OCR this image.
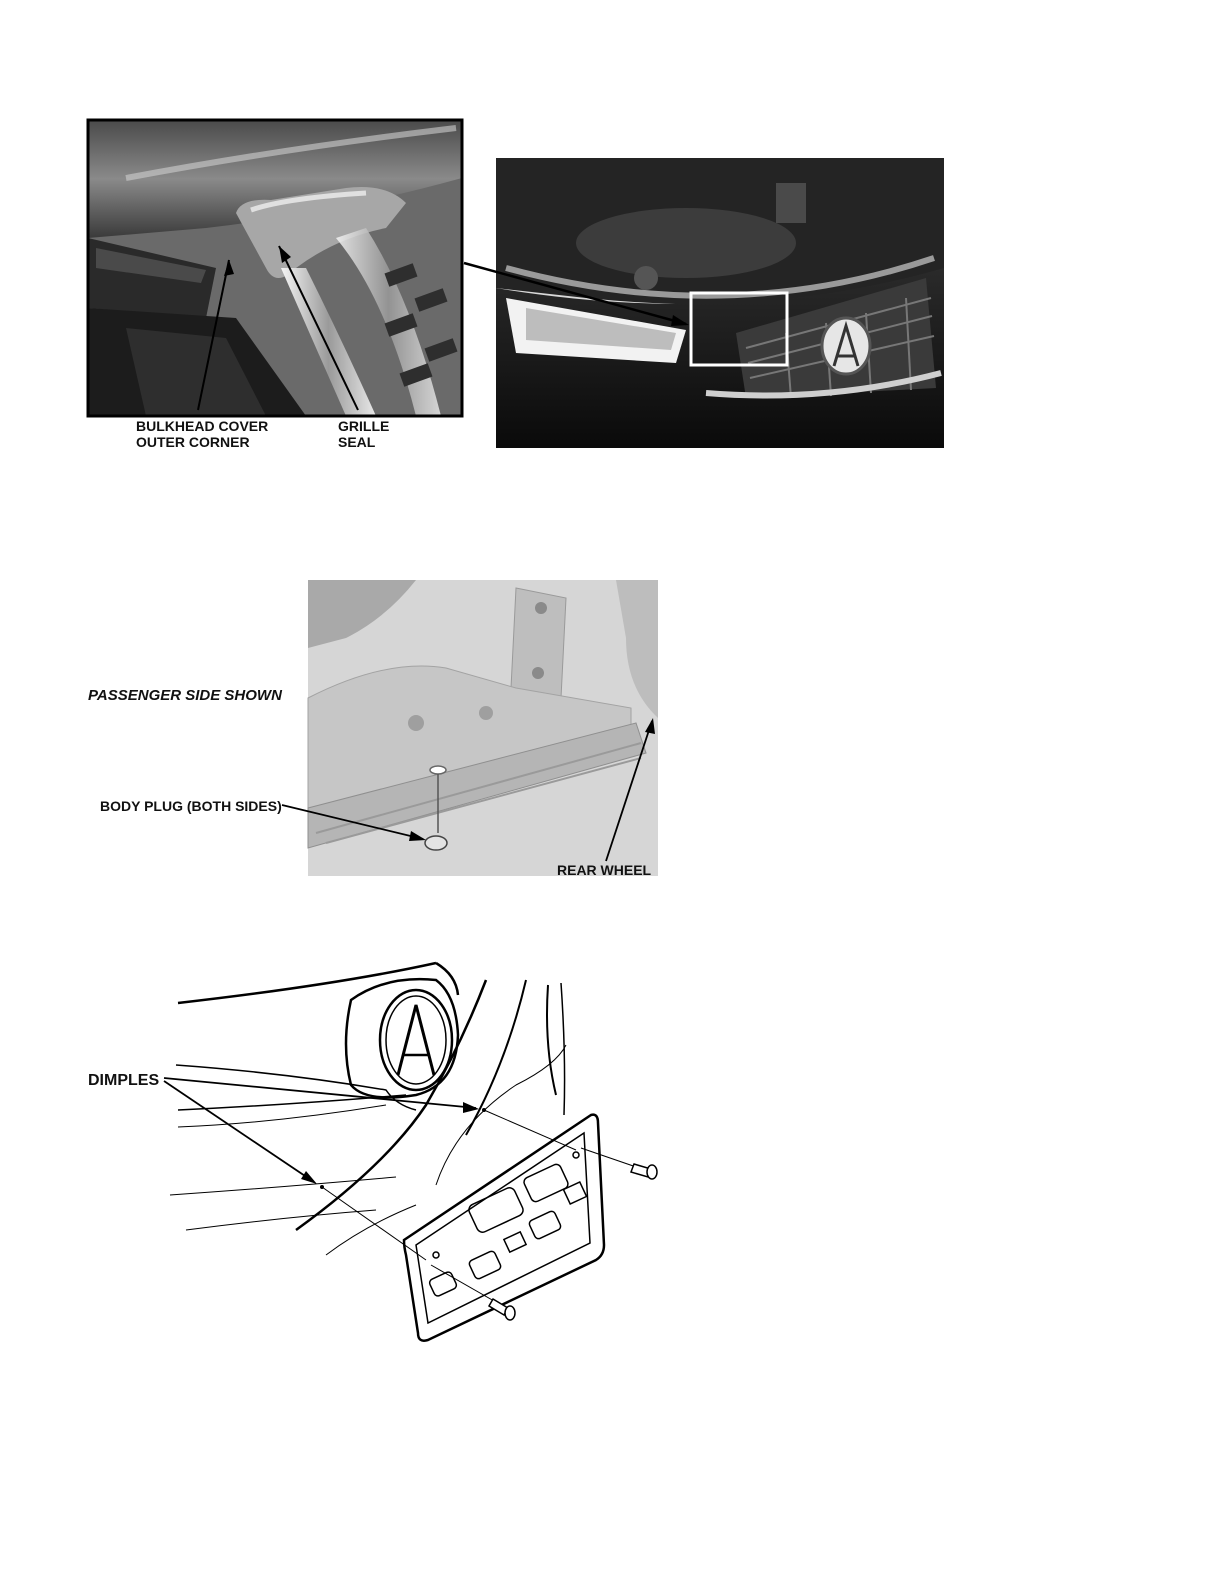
BULKHEAD COVER
OUTER CORNER
GRILLE
SEAL
PASSENGER SIDE SHOWN
BODY PLUG (BOTH SIDES)
REAR WHEEL
DIMPLES
